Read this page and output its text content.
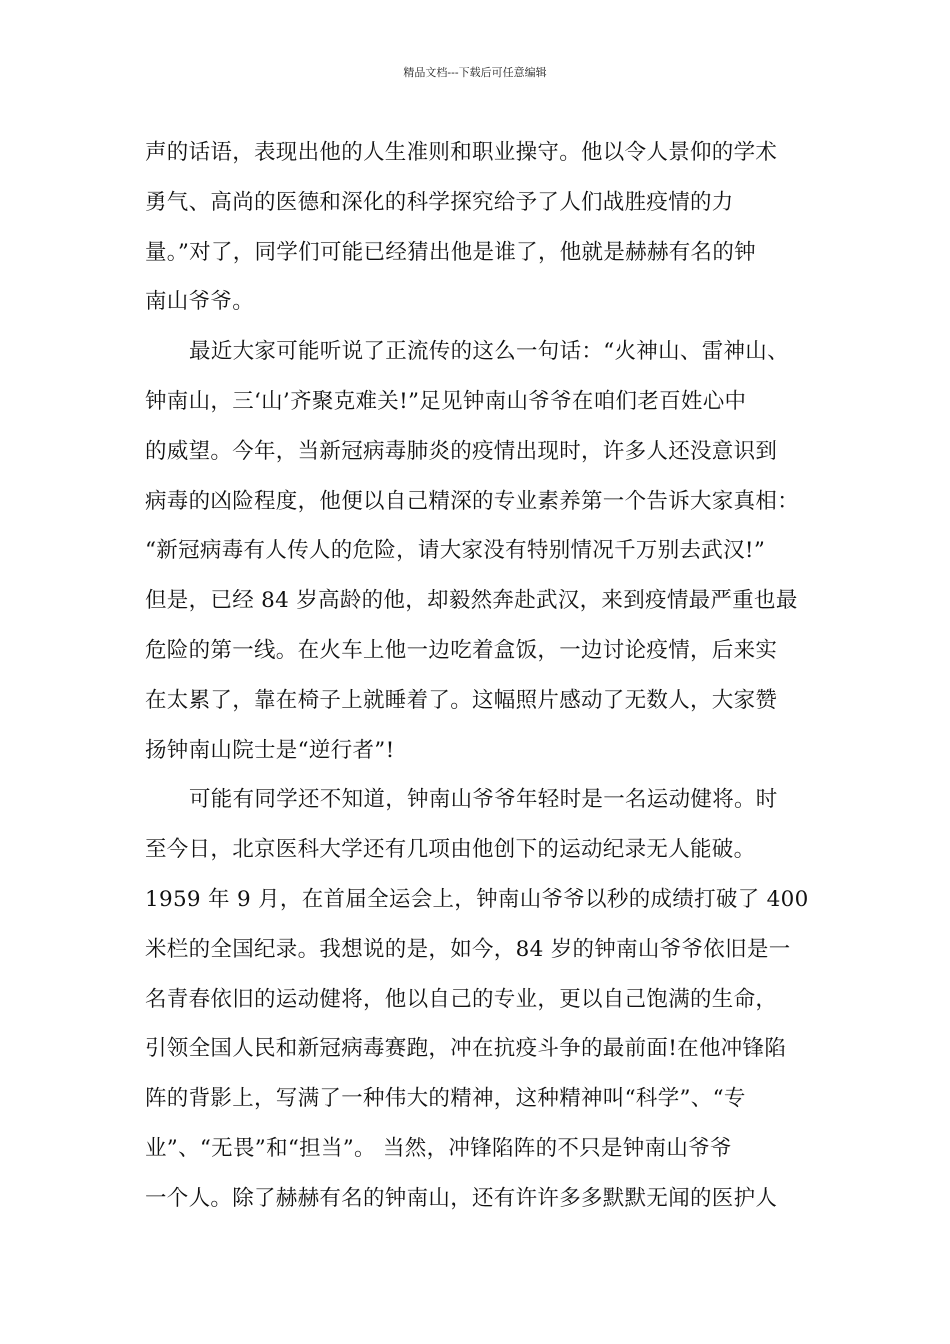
精品文档---下载后可任意编辑
声的话语，表现出他的人生准则和职业操守。他以令人景仰的学术
勇气、高尚的医德和深化的科学探究给予了人们战胜疫情的力
量。”对了，同学们可能已经猜出他是谁了，他就是赫赫有名的钟
南山爷爷。
最近大家可能听说了正流传的这么一句话：“火神山、雷神山、
钟南山，三‘山’齐聚克难关!”足见钟南山爷爷在咱们老百姓心中
的威望。今年，当新冠病毒肺炎的疫情出现时，许多人还没意识到
病毒的凶险程度，他便以自己精深的专业素养第一个告诉大家真相：
“新冠病毒有人传人的危险，请大家没有特别情况千万别去武汉!”
但是，已经 84 岁高龄的他，却毅然奔赴武汉，来到疫情最严重也最
危险的第一线。在火车上他一边吃着盒饭，一边讨论疫情，后来实
在太累了，靠在椅子上就睡着了。这幅照片感动了无数人，大家赞
扬钟南山院士是“逆行者”!
可能有同学还不知道，钟南山爷爷年轻时是一名运动健将。时
至今日，北京医科大学还有几项由他创下的运动纪录无人能破。
1959 年 9 月，在首届全运会上，钟南山爷爷以秒的成绩打破了 400
米栏的全国纪录。我想说的是，如今，84 岁的钟南山爷爷依旧是一
名青春依旧的运动健将，他以自己的专业，更以自己饱满的生命，
引领全国人民和新冠病毒赛跑，冲在抗疫斗争的最前面!在他冲锋陷
阵的背影上，写满了一种伟大的精神，这种精神叫“科学”、“专
业”、“无畏”和“担当”。 当然，冲锋陷阵的不只是钟南山爷爷
一个人。除了赫赫有名的钟南山，还有许许多多默默无闻的医护人
